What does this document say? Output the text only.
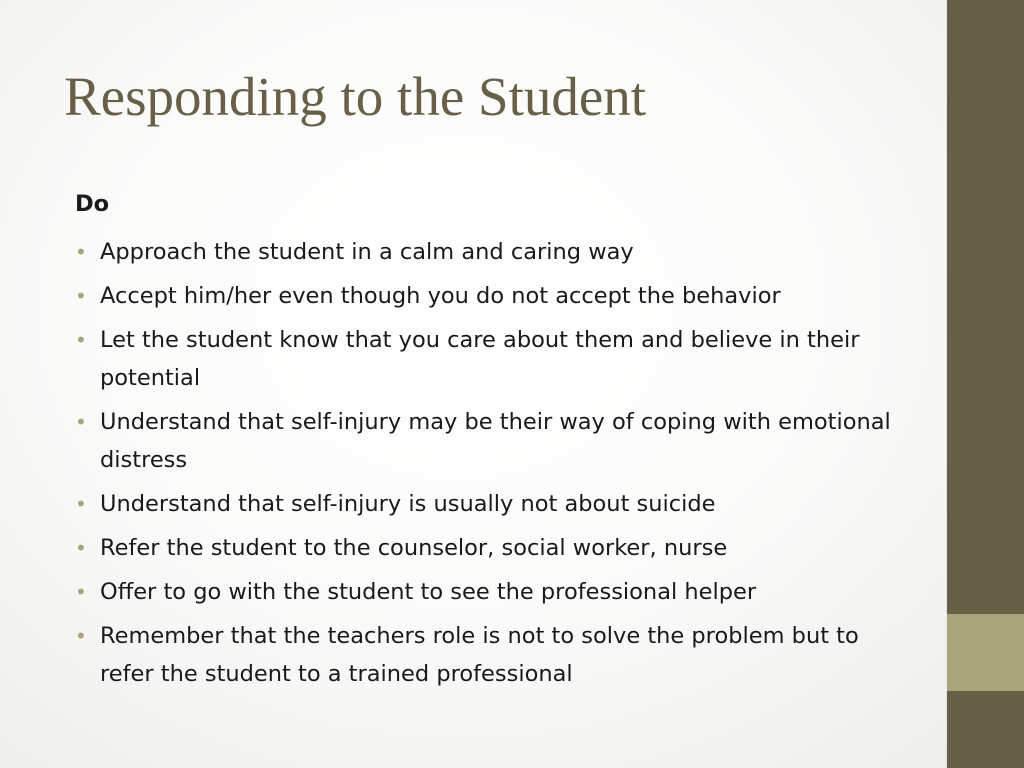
Responding to the Student
Do
• Approach the student in a calm and caring way
• Accept him/her even though you do not accept the behavior
• Let the student know that you care about them and believe in their potential
• Understand that self-injury may be their way of coping with emotional distress
• Understand that self-injury is usually not about suicide
• Refer the student to the counselor, social worker, nurse
• Offer to go with the student to see the professional helper
• Remember that the teachers role is not to solve the problem but to refer the student to a trained professional
